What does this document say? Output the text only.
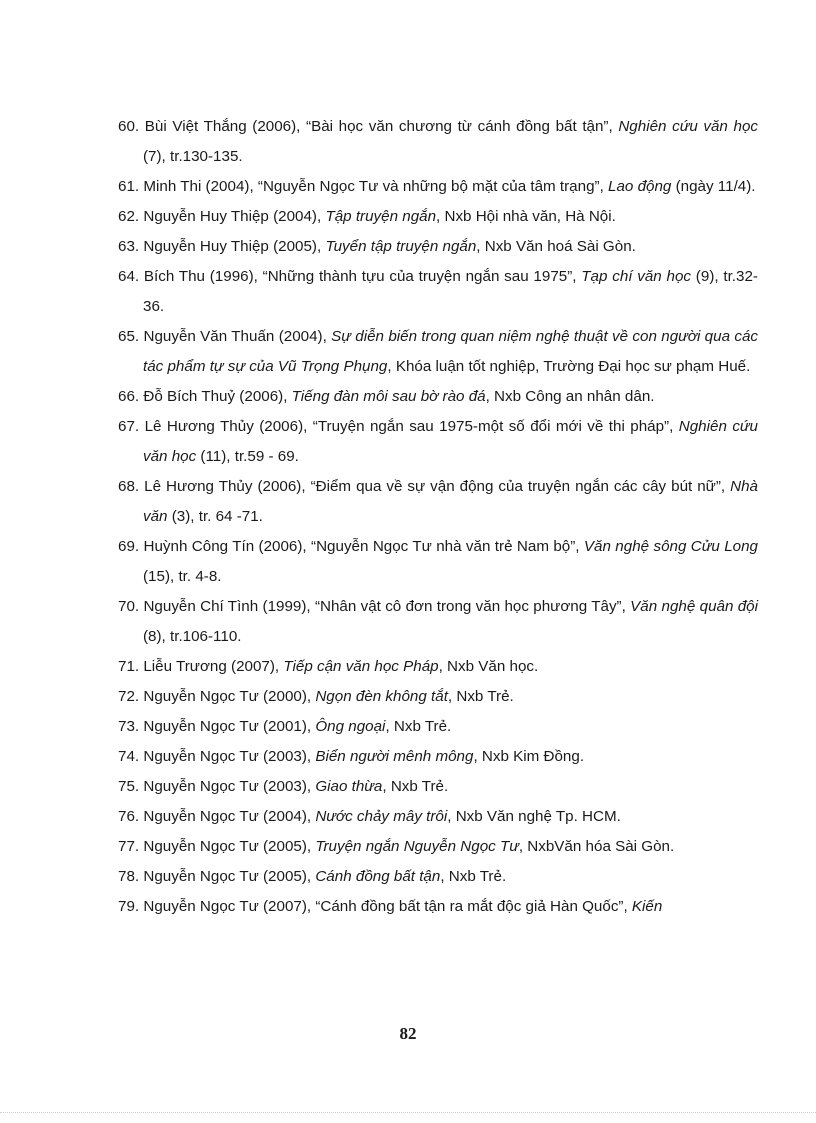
60. Bùi Việt Thắng (2006), “Bài học văn chương từ cánh đồng bất tận”, Nghiên cứu văn học (7), tr.130-135.
61. Minh Thi (2004), “Nguyễn Ngọc Tư và những bộ mặt của tâm trạng”, Lao động (ngày 11/4).
62. Nguyễn Huy Thiệp (2004), Tập truyện ngắn, Nxb Hội nhà văn, Hà Nội.
63. Nguyễn Huy Thiệp (2005), Tuyển tập truyện ngắn, Nxb Văn hoá Sài Gòn.
64. Bích Thu (1996), “Những thành tựu của truyện ngắn sau 1975”, Tạp chí văn học (9), tr.32-36.
65. Nguyễn Văn Thuấn (2004), Sự diễn biến trong quan niệm nghệ thuật về con người qua các tác phẩm tự sự của Vũ Trọng Phụng, Khóa luận tốt nghiệp, Trường Đại học sư phạm Huế.
66. Đỗ Bích Thuỷ (2006), Tiếng đàn môi sau bờ rào đá, Nxb Công an nhân dân.
67. Lê Hương Thủy (2006), “Truyện ngắn sau 1975-một số đổi mới về thi pháp”, Nghiên cứu văn học (11), tr.59 - 69.
68. Lê Hương Thủy (2006), “Điểm qua về sự vận động của truyện ngắn các cây bút nữ”, Nhà văn (3), tr. 64 -71.
69. Huỳnh Công Tín (2006), “Nguyễn Ngọc Tư nhà văn trẻ Nam bộ”, Văn nghệ sông Cửu Long (15), tr. 4-8.
70. Nguyễn Chí Tình (1999), “Nhân vật cô đơn trong văn học phương Tây”, Văn nghệ quân đội (8), tr.106-110.
71. Liễu Trương (2007), Tiếp cận văn học Pháp, Nxb Văn học.
72. Nguyễn Ngọc Tư (2000), Ngọn đèn không tắt, Nxb Trẻ.
73. Nguyễn Ngọc Tư (2001), Ông ngoại, Nxb Trẻ.
74. Nguyễn Ngọc Tư (2003), Biển người mênh mông, Nxb Kim Đồng.
75. Nguyễn Ngọc Tư (2003), Giao thừa, Nxb Trẻ.
76. Nguyễn Ngọc Tư (2004), Nước chảy mây trôi, Nxb Văn nghệ Tp. HCM.
77. Nguyễn Ngọc Tư (2005), Truyện ngắn Nguyễn Ngọc Tư, NxbVăn hóa Sài Gòn.
78. Nguyễn Ngọc Tư (2005), Cánh đồng bất tận, Nxb Trẻ.
79. Nguyễn Ngọc Tư (2007), “Cánh đồng bất tận ra mắt độc giả Hàn Quốc”, Kiến
82
